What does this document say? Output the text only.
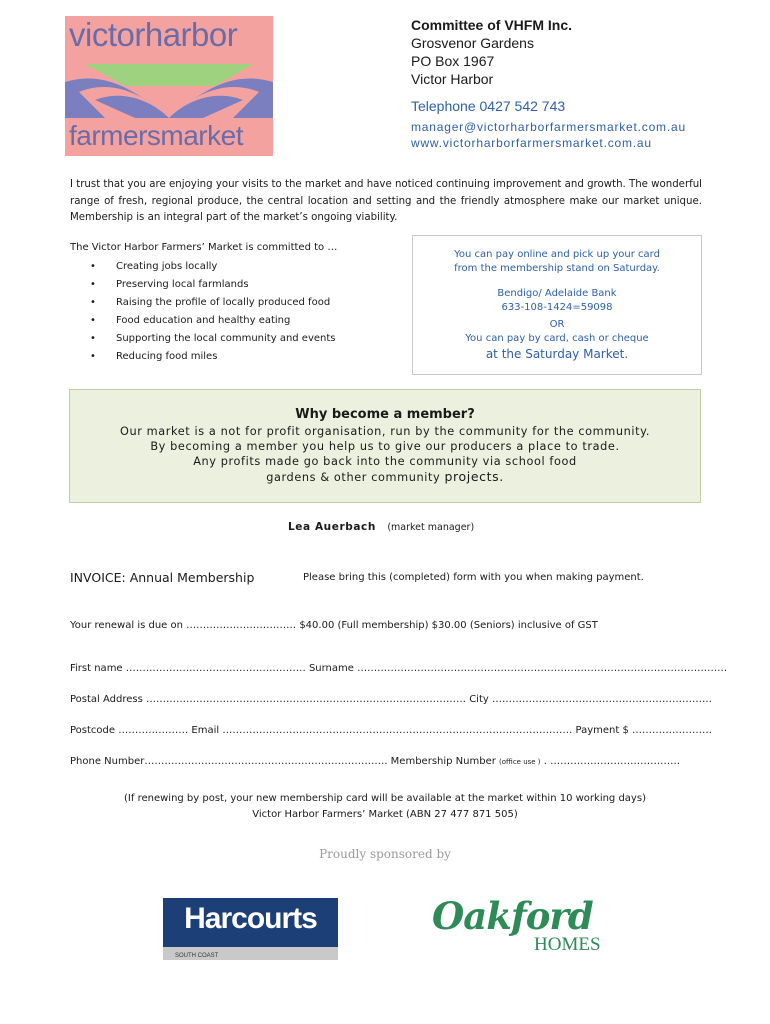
victorharbor
farmersmarket
Committee of VHFM Inc.
Grosvenor Gardens
PO Box 1967
Victor Harbor
Telephone 0427 542 743
manager@victorharborfarmersmarket.com.au
www.victorharborfarmersmarket.com.au

I trust that you are enjoying your visits to the market and have noticed continuing improvement and growth. The wonderful range of fresh, regional produce, the central location and setting and the friendly atmosphere make our market unique. Membership is an integral part of the market’s ongoing viability.

The Victor Harbor Farmers’ Market is committed to …
•	Creating jobs locally
•	Preserving local farmlands
•	Raising the profile of locally produced food
•	Food education and healthy eating
•	Supporting the local community and events
•	Reducing food miles
You can pay online and pick up your card
from the membership stand on Saturday.
Bendigo/ Adelaide Bank
633-108-1424=59098
OR
You can pay by card, cash or cheque
at the Saturday Market.
Why become a member?
Our market is a not for profit organisation, run by the community for the community.
By becoming a member you help us to give our producers a place to trade.
Any profits made go back into the community via school food
gardens & other community projects.
Lea Auerbach (market manager)
INVOICE: Annual Membership	Please bring this (completed) form with you when making payment.
Your renewal is due on …………………………… $40.00 (Full membership) $30.00 (Seniors) inclusive of GST
First name ……………………………………………… Surname …………………………………………………………………………………………………
Postal Address …………………………………………………………………………………… City …………………………………………………………
Postcode ………………… Email …………………………………………………………………………………………… Payment $ ……………………
Phone Number………………………………………………………………. Membership Number (office use ) . …………………………………
(If renewing by post, your new membership card will be available at the market within 10 working days)
Victor Harbor Farmers’ Market (ABN 27 477 871 505)
Proudly sponsored by
Harcourts
SOUTH COAST
Oakford
HOMES
